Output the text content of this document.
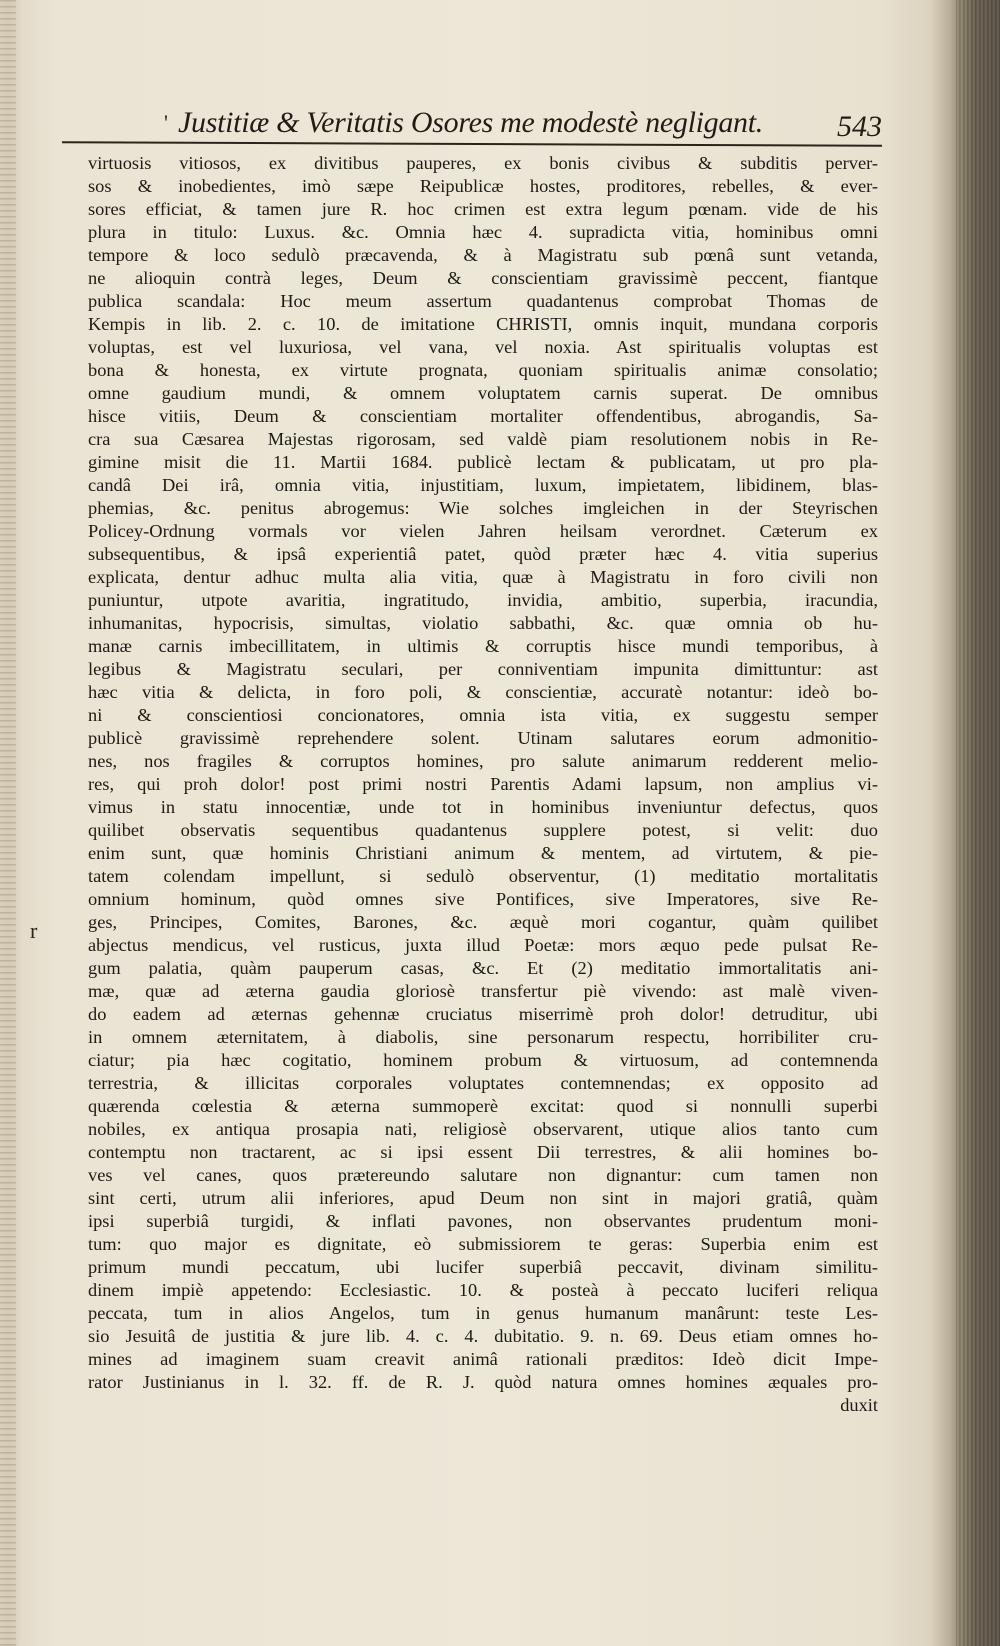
' Justitiæ & Veritatis Osores me modestè negligant. 543
r
virtuosis vitiosos, ex divitibus pauperes, ex bonis civibus & subditis perver-
sos & inobedientes, imò sæpe Reipublicæ hostes, proditores, rebelles, & ever-
sores efficiat, & tamen jure R. hoc crimen est extra legum pœnam. vide de his
plura in titulo: Luxus. &c. Omnia hæc 4. supradicta vitia, hominibus omni
tempore & loco sedulò præcavenda, & à Magistratu sub pœnâ sunt vetanda,
ne alioquin contrà leges, Deum & conscientiam gravissimè peccent, fiantque
publica scandala: Hoc meum assertum quadantenus comprobat Thomas de
Kempis in lib. 2. c. 10. de imitatione CHRISTI, omnis inquit, mundana corporis
voluptas, est vel luxuriosa, vel vana, vel noxia. Ast spiritualis voluptas est
bona & honesta, ex virtute prognata, quoniam spiritualis animæ consolatio;
omne gaudium mundi, & omnem voluptatem carnis superat. De omnibus
hisce vitiis, Deum & conscientiam mortaliter offendentibus, abrogandis, Sa-
cra sua Cæsarea Majestas rigorosam, sed valdè piam resolutionem nobis in Re-
gimine misit die 11. Martii 1684. publicè lectam & publicatam, ut pro pla-
candâ Dei irâ, omnia vitia, injustitiam, luxum, impietatem, libidinem, blas-
phemias, &c. penitus abrogemus: Wie solches imgleichen in der Steyrischen
Policey-Ordnung vormals vor vielen Jahren heilsam verordnet. Cæterum ex
subsequentibus, & ipsâ experientiâ patet, quòd præter hæc 4. vitia superius
explicata, dentur adhuc multa alia vitia, quæ à Magistratu in foro civili non
puniuntur, utpote avaritia, ingratitudo, invidia, ambitio, superbia, iracundia,
inhumanitas, hypocrisis, simultas, violatio sabbathi, &c. quæ omnia ob hu-
manæ carnis imbecillitatem, in ultimis & corruptis hisce mundi temporibus, à
legibus & Magistratu seculari, per conniventiam impunita dimittuntur: ast
hæc vitia & delicta, in foro poli, & conscientiæ, accuratè notantur: ideò bo-
ni & conscientiosi concionatores, omnia ista vitia, ex suggestu semper
publicè gravissimè reprehendere solent. Utinam salutares eorum admonitio-
nes, nos fragiles & corruptos homines, pro salute animarum redderent melio-
res, qui proh dolor! post primi nostri Parentis Adami lapsum, non amplius vi-
vimus in statu innocentiæ, unde tot in hominibus inveniuntur defectus, quos
quilibet observatis sequentibus quadantenus supplere potest, si velit: duo
enim sunt, quæ hominis Christiani animum & mentem, ad virtutem, & pie-
tatem colendam impellunt, si sedulò observentur, (1) meditatio mortalitatis
omnium hominum, quòd omnes sive Pontifices, sive Imperatores, sive Re-
ges, Principes, Comites, Barones, &c. æquè mori cogantur, quàm quilibet
abjectus mendicus, vel rusticus, juxta illud Poetæ: mors æquo pede pulsat Re-
gum palatia, quàm pauperum casas, &c. Et (2) meditatio immortalitatis ani-
mæ, quæ ad æterna gaudia gloriosè transfertur piè vivendo: ast malè viven-
do eadem ad æternas gehennæ cruciatus miserrimè proh dolor! detruditur, ubi
in omnem æternitatem, à diabolis, sine personarum respectu, horribiliter cru-
ciatur; pia hæc cogitatio, hominem probum & virtuosum, ad contemnenda
terrestria, & illicitas corporales voluptates contemnendas; ex opposito ad
quærenda cœlestia & æterna summoperè excitat: quod si nonnulli superbi
nobiles, ex antiqua prosapia nati, religiosè observarent, utique alios tanto cum
contemptu non tractarent, ac si ipsi essent Dii terrestres, & alii homines bo-
ves vel canes, quos prætereundo salutare non dignantur: cum tamen non
sint certi, utrum alii inferiores, apud Deum non sint in majori gratiâ, quàm
ipsi superbiâ turgidi, & inflati pavones, non observantes prudentum moni-
tum: quo major es dignitate, eò submissiorem te geras: Superbia enim est
primum mundi peccatum, ubi lucifer superbiâ peccavit, divinam similitu-
dinem impiè appetendo: Ecclesiastic. 10. & posteà à peccato luciferi reliqua
peccata, tum in alios Angelos, tum in genus humanum manârunt: teste Les-
sio Jesuitâ de justitia & jure lib. 4. c. 4. dubitatio. 9. n. 69. Deus etiam omnes ho-
mines ad imaginem suam creavit animâ rationali præditos: Ideò dicit Impe-
rator Justinianus in l. 32. ff. de R. J. quòd natura omnes homines æquales pro-
duxit
